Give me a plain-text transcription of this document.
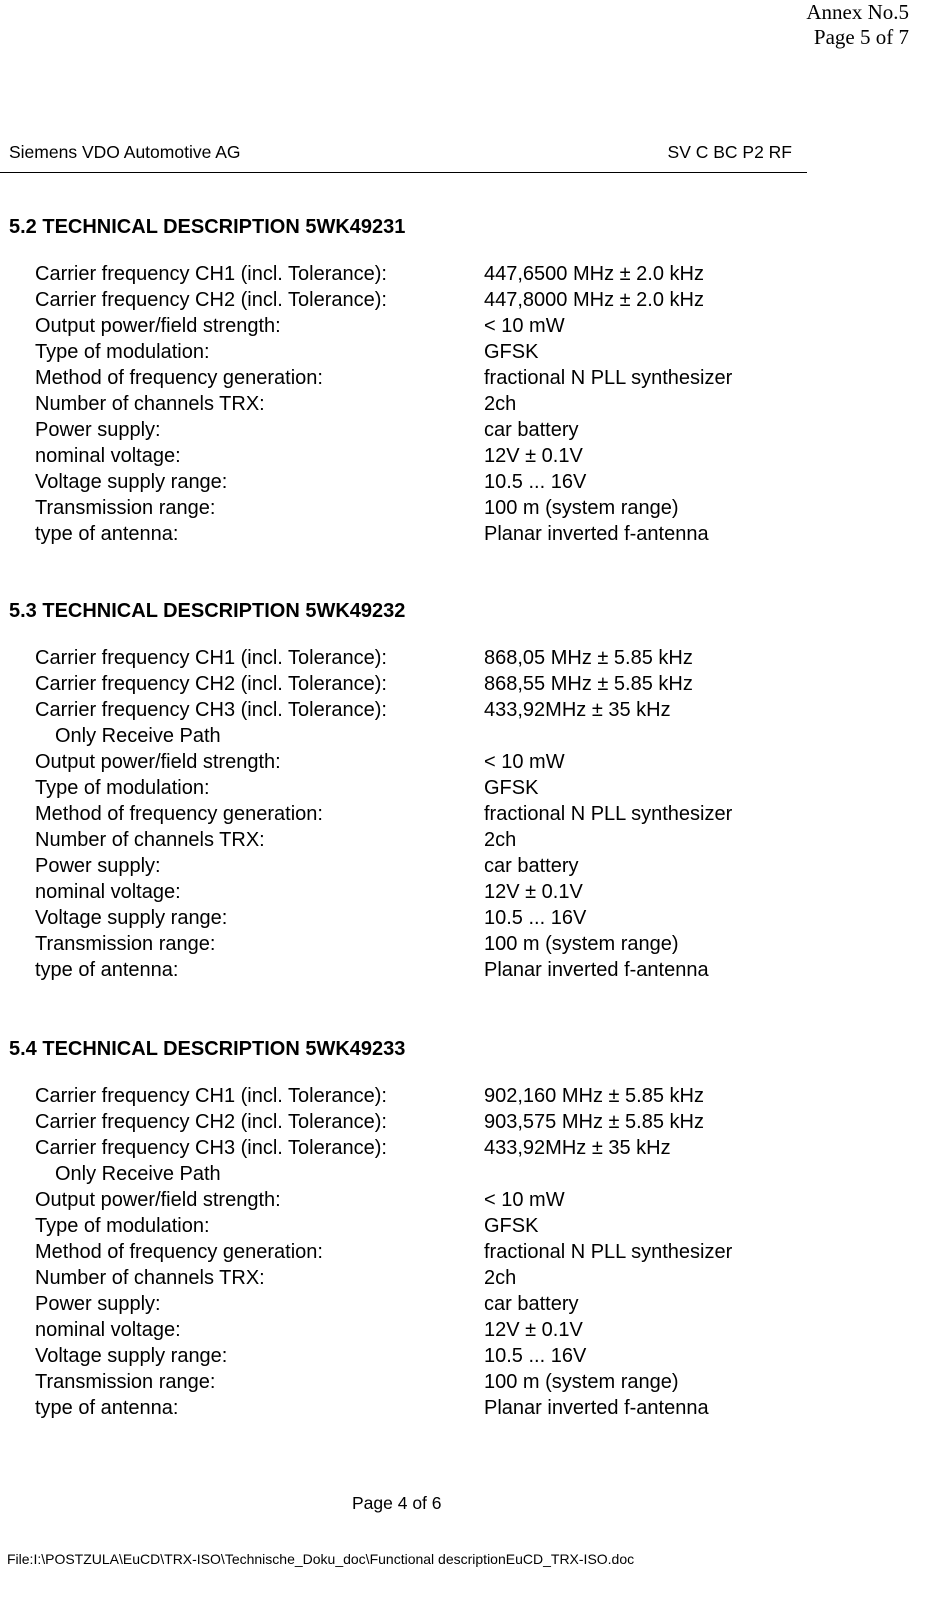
Annex No.5
Page 5 of 7
Siemens VDO Automotive AG	SV C BC P2 RF
5.2 TECHNICAL DESCRIPTION 5WK49231
Carrier frequency CH1 (incl. Tolerance):	447,6500 MHz ± 2.0 kHz
Carrier frequency CH2 (incl. Tolerance):	447,8000 MHz ± 2.0 kHz
Output power/field strength:	< 10 mW
Type of modulation:	GFSK
Method of frequency generation:	fractional N PLL synthesizer
Number of channels TRX:	2ch
Power supply:	car battery
nominal voltage:	12V ± 0.1V
Voltage supply range:	10.5 ... 16V
Transmission range:	100 m (system range)
type of antenna:	Planar inverted f-antenna
5.3 TECHNICAL DESCRIPTION 5WK49232
Carrier frequency CH1 (incl. Tolerance):	868,05 MHz ± 5.85 kHz
Carrier frequency CH2 (incl. Tolerance):	868,55 MHz ± 5.85 kHz
Carrier frequency CH3 (incl. Tolerance):	433,92MHz ± 35 kHz
Only Receive Path
Output power/field strength:	< 10 mW
Type of modulation:	GFSK
Method of frequency generation:	fractional N PLL synthesizer
Number of channels TRX:	2ch
Power supply:	car battery
nominal voltage:	12V ± 0.1V
Voltage supply range:	10.5 ... 16V
Transmission range:	100 m (system range)
type of antenna:	Planar inverted f-antenna
5.4 TECHNICAL DESCRIPTION 5WK49233
Carrier frequency CH1 (incl. Tolerance):	902,160 MHz ± 5.85 kHz
Carrier frequency CH2 (incl. Tolerance):	903,575 MHz ± 5.85 kHz
Carrier frequency CH3 (incl. Tolerance):	433,92MHz ± 35 kHz
Only Receive Path
Output power/field strength:	< 10 mW
Type of modulation:	GFSK
Method of frequency generation:	fractional N PLL synthesizer
Number of channels TRX:	2ch
Power supply:	car battery
nominal voltage:	12V ± 0.1V
Voltage supply range:	10.5 ... 16V
Transmission range:	100 m (system range)
type of antenna:	Planar inverted f-antenna
Page 4 of 6
File:I:\POSTZULA\EuCD\TRX-ISO\Technische_Doku_doc\Functional descriptionEuCD_TRX-ISO.doc
